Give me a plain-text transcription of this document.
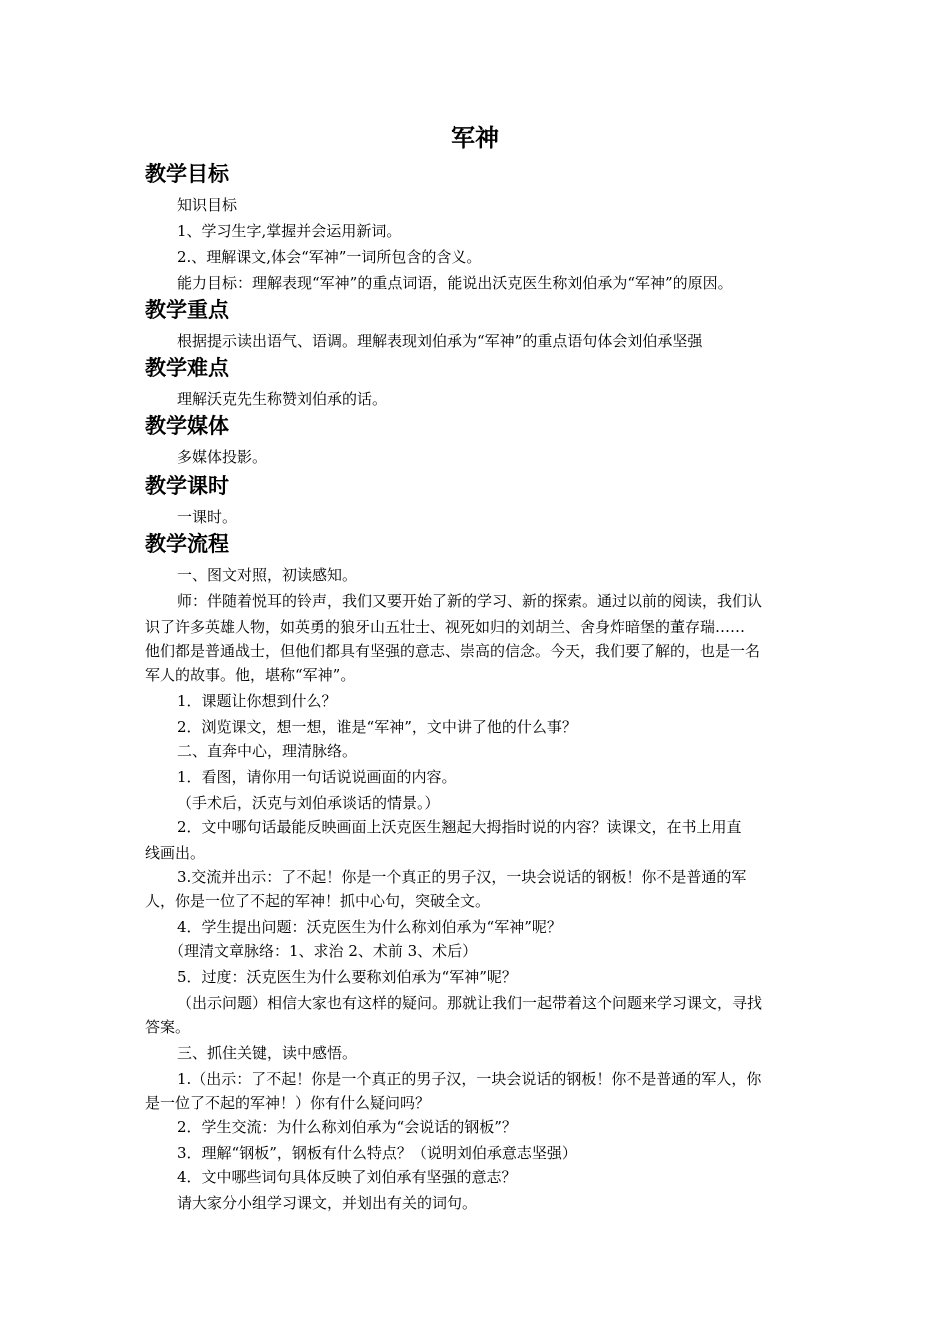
军神
教学目标
知识目标
1、学习生字,掌握并会运用新词。
2.、理解课文,体会“军神”一词所包含的含义。
能力目标：理解表现“军神”的重点词语，能说出沃克医生称刘伯承为“军神”的原因。
教学重点
根据提示读出语气、语调。理解表现刘伯承为“军神”的重点语句体会刘伯承坚强
教学难点
理解沃克先生称赞刘伯承的话。
教学媒体
多媒体投影。
教学课时
一课时。
教学流程
一、图文对照，初读感知。
师：伴随着悦耳的铃声，我们又要开始了新的学习、新的探索。通过以前的阅读，我们认
识了许多英雄人物，如英勇的狼牙山五壮士、视死如归的刘胡兰、舍身炸暗堡的董存瑞……
他们都是普通战士，但他们都具有坚强的意志、崇高的信念。今天，我们要了解的，也是一名
军人的故事。他，堪称“军神”。
1．课题让你想到什么？
2．浏览课文，想一想，谁是“军神”，文中讲了他的什么事？
二、直奔中心，理清脉络。
1．看图，请你用一句话说说画面的内容。
（手术后，沃克与刘伯承谈话的情景。）
2．文中哪句话最能反映画面上沃克医生翘起大拇指时说的内容？读课文，在书上用直
线画出。
3.交流并出示：了不起！你是一个真正的男子汉，一块会说话的钢板！你不是普通的军
人，你是一位了不起的军神！抓中心句，突破全文。
4．学生提出问题：沃克医生为什么称刘伯承为“军神”呢？
（理清文章脉络：1、求治 2、术前 3、术后）
5．过度：沃克医生为什么要称刘伯承为“军神”呢？
（出示问题）相信大家也有这样的疑问。那就让我们一起带着这个问题来学习课文，寻找
答案。
三、抓住关键，读中感悟。
1.（出示：了不起！你是一个真正的男子汉，一块会说话的钢板！你不是普通的军人，你
是一位了不起的军神！）你有什么疑问吗？
2．学生交流：为什么称刘伯承为“会说话的钢板”？
3．理解“钢板”，钢板有什么特点？（说明刘伯承意志坚强）
4．文中哪些词句具体反映了刘伯承有坚强的意志？
请大家分小组学习课文，并划出有关的词句。
